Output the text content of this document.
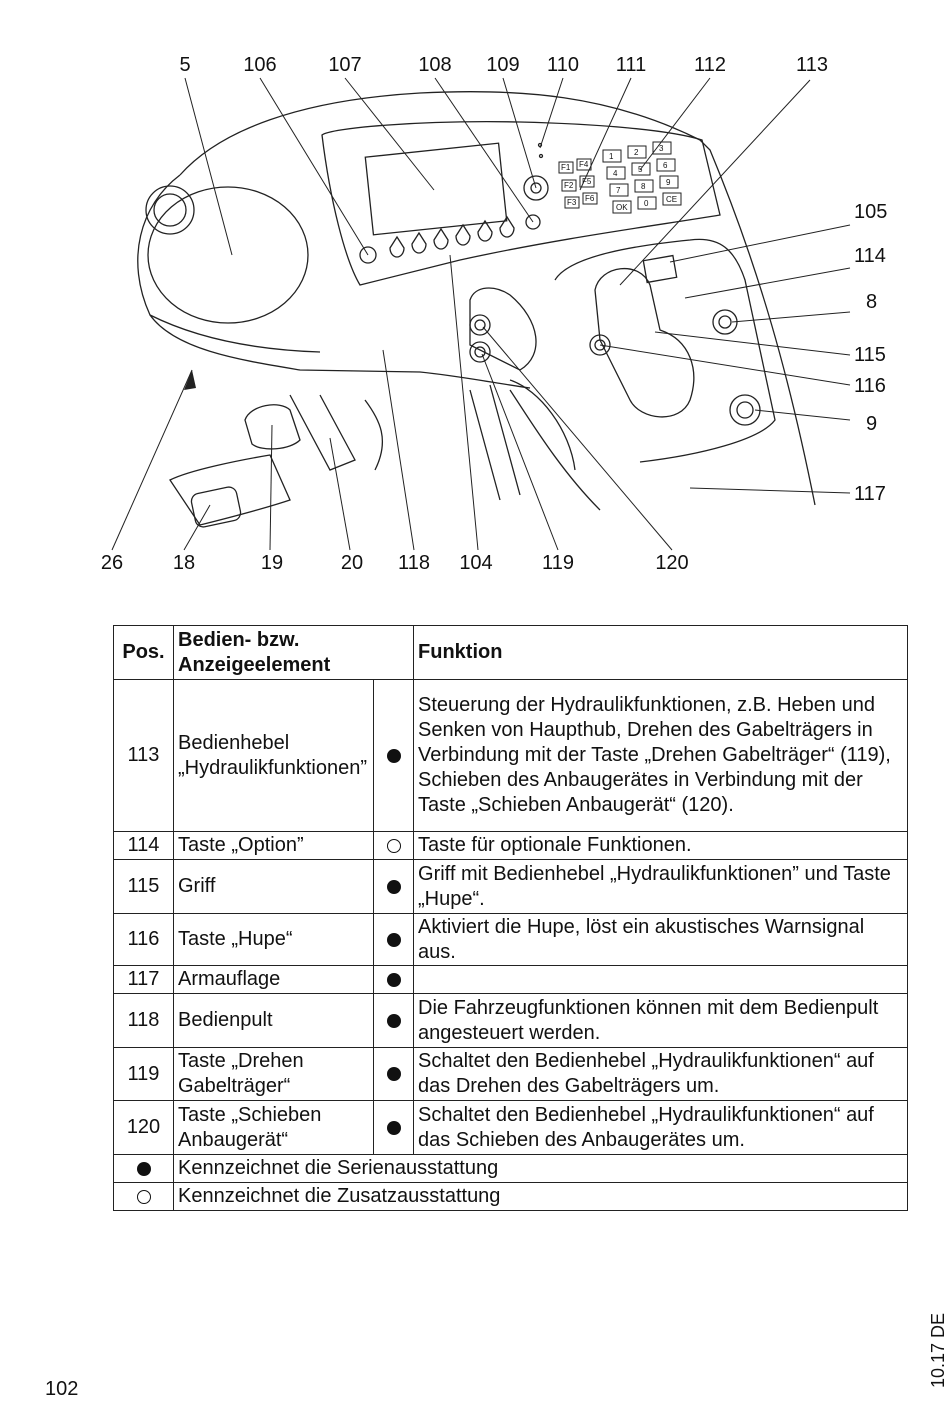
F1 F4
F2 F5
F3 F6
1	2	3
4	5	6
7	8	9
OK 0 CE
5	106	107	108 109 110 111 112	113
105
114
8
115
116
9
117
26 18	19	20 118 104 119	120
Pos.	Bedien- bzw. Anzeigeelement		Funktion
113	Bedienhebel „Hydraulikfunktionen”		Steuerung der Hydraulikfunktionen, z.B. Heben und Senken von Haupthub, Drehen des Gabelträgers in Verbindung mit der Taste „Drehen Gabelträger“ (119), Schieben des Anbaugerätes in Verbindung mit der Taste „Schieben Anbaugerät“ (120).
114	Taste „Option”		Taste für optionale Funktionen.
115	Griff		Griff mit Bedienhebel „Hydraulikfunktionen” und Taste „Hupe“.
116	Taste „Hupe“		Aktiviert die Hupe, löst ein akustisches Warnsignal aus.
117	Armauflage		
118	Bedienpult		Die Fahrzeugfunktionen können mit dem Bedienpult angesteuert werden.
119	Taste „Drehen Gabelträger“		Schaltet den Bedienhebel „Hydraulikfunktionen“ auf das Drehen des Gabelträgers um.
120	Taste „Schieben Anbaugerät“		Schaltet den Bedienhebel „Hydraulikfunktionen“ auf das Schieben des Anbaugerätes um.
	Kennzeichnet die Serienausstattung		
	Kennzeichnet die Zusatzausstattung		
102
10.17 DE
